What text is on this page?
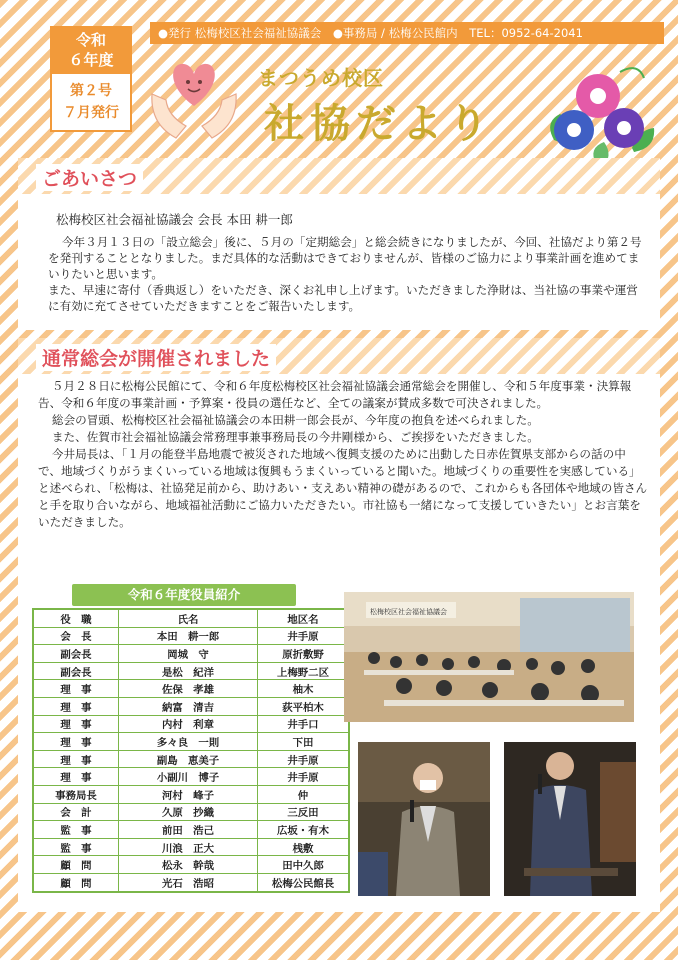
令和
６年度
第２号
７月発行
まつうめ校区
社協だより
●発行 松梅校区社会福祉協議会 ●事務局 / 松梅公民館内 TEL：0952-64-2041
ごあいさつ
松梅校区社会福祉協議会 会長 本田 耕一郎

今年３月１３日の「設立総会」後に、５月の「定期総会」と総会続きになりましたが、今回、社協だより第２号を発刊することとなりました。まだ具体的な活動はできておりませんが、皆様のご協力により事業計画を進めてまいりたいと思います。

また、早速に寄付（香典返し）をいただき、深くお礼申し上げます。いただきました浄財は、当社協の事業や運営に有効に充てさせていただきますことをご報告いたします。

通常総会が開催されました

５月２８日に松梅公民館にて、令和６年度松梅校区社会福祉協議会通常総会を開催し、令和５年度事業・決算報告、令和６年度の事業計画・予算案・役員の選任など、全ての議案が賛成多数で可決されました。

総会の冒頭、松梅校区社会福祉協議会の本田耕一郎会長が、今年度の抱負を述べられました。

また、佐賀市社会福祉協議会常務理事兼事務局長の今井剛様から、ご挨拶をいただきました。

今井局長は、「１月の能登半島地震で被災された地域へ復興支援のために出動した日赤佐賀県支部からの話の中で、地域づくりがうまくいっている地域は復興もうまくいっていると聞いた。地域づくりの重要性を実感している」と述べられ、「松梅は、社協発足前から、助けあい・支えあい精神の礎があるので、これからも各団体や地域の皆さんと手を取り合いながら、地域福祉活動にご協力いただきたい。市社協も一緒になって支援していきたい」とお言葉をいただきました。

令和６年度役員紹介
役　職	氏名	地区名
会　長	本田　耕一郎	井手原
副会長	岡城　守	原折敷野
副会長	是松　紀洋	上梅野二区
理　事	佐保　孝雄	柚木
理　事	納富　清吉	荻平柏木
理　事	内村　利章	井手口
理　事	多々良　一則	下田
理　事	副島　恵美子	井手原
理　事	小副川　博子	井手原
事務局長	河村　峰子	仲
会　計	久原　抄織	三反田
監　事	前田　浩己	広坂・有木
監　事	川浪　正大	桟敷
顧　問	松永　幹哉	田中久郎
顧　問	光石　浩昭	松梅公民館長
松梅校区社会福祉協議会
